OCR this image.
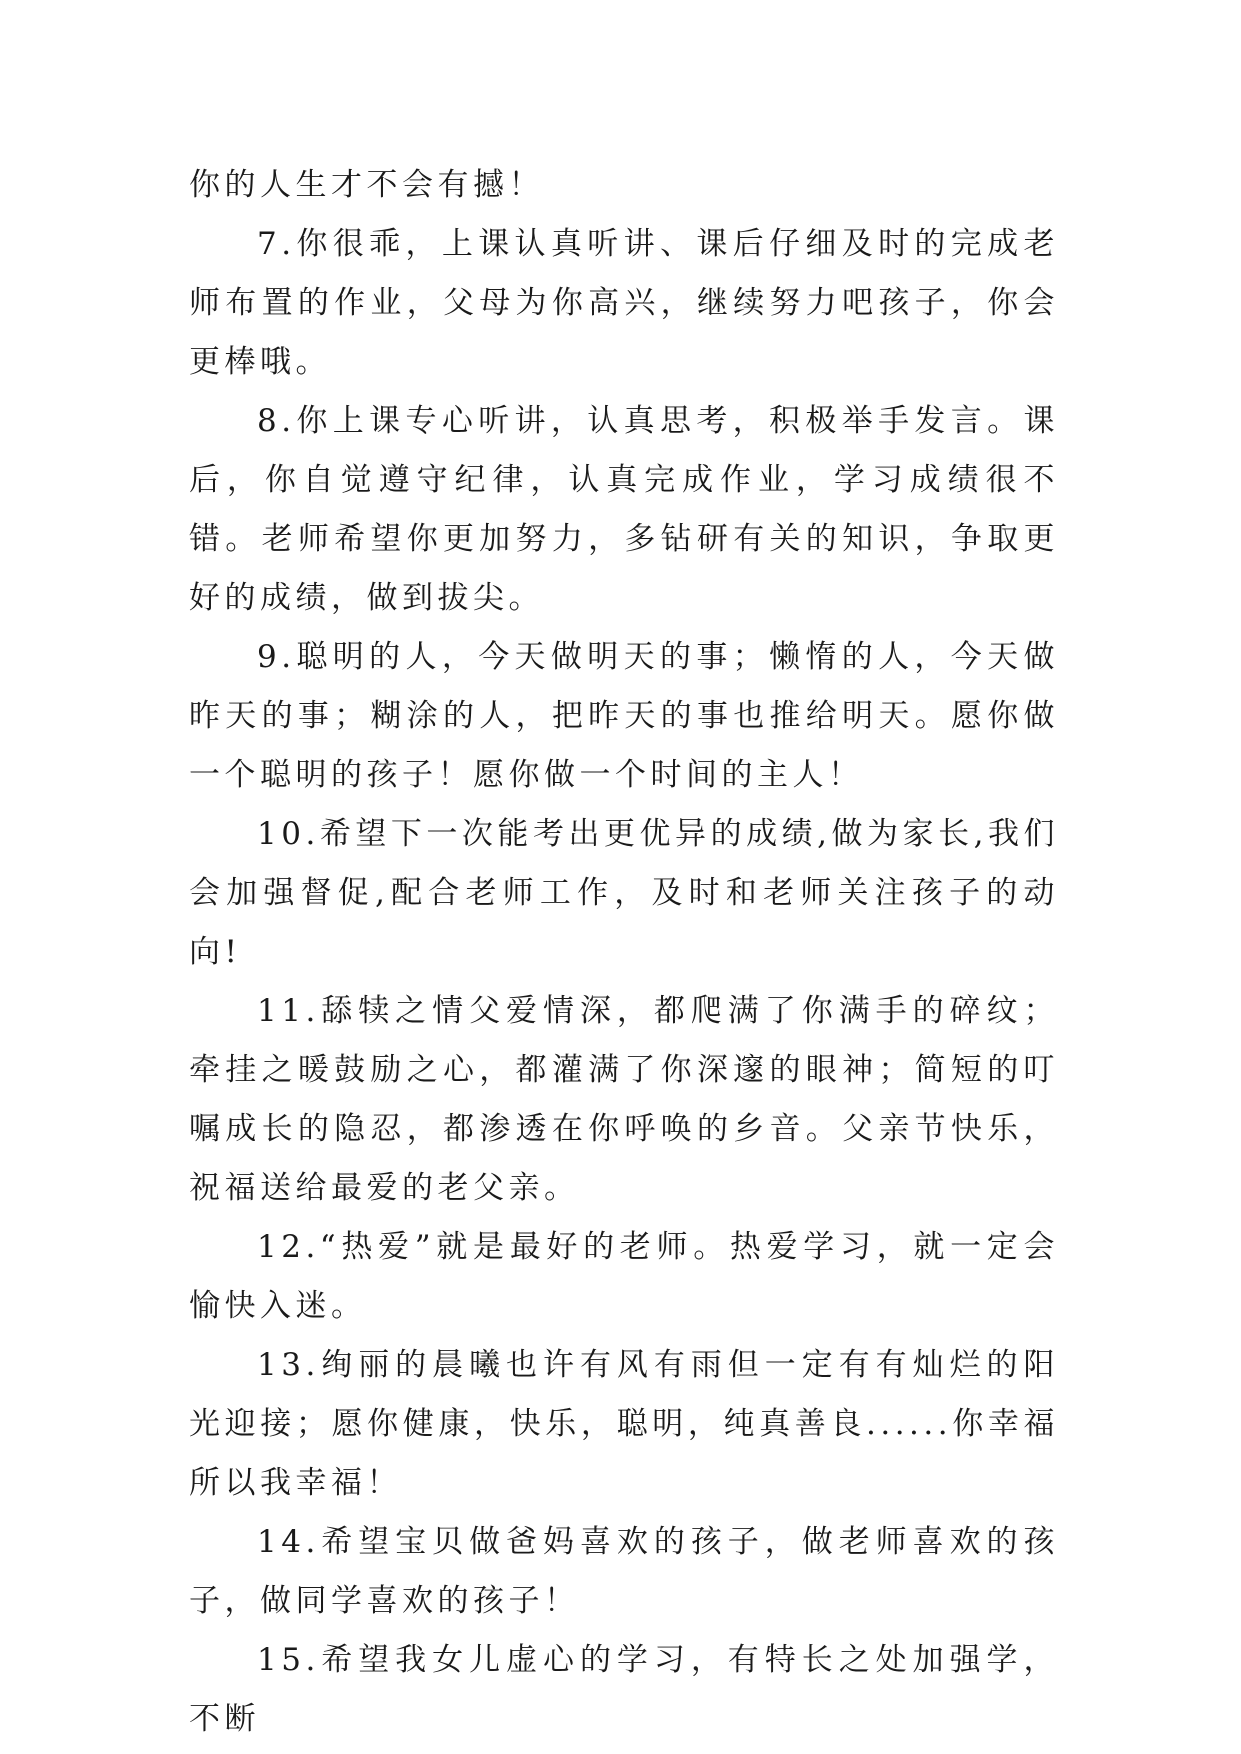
你的人生才不会有撼！

7.你很乖，上课认真听讲、课后仔细及时的完成老师布置的作业，父母为你高兴，继续努力吧孩子，你会更棒哦。

8.你上课专心听讲，认真思考，积极举手发言。课后，你自觉遵守纪律，认真完成作业，学习成绩很不错。老师希望你更加努力，多钻研有关的知识，争取更好的成绩，做到拔尖。

9.聪明的人，今天做明天的事；懒惰的人，今天做昨天的事；糊涂的人，把昨天的事也推给明天。愿你做一个聪明的孩子！愿你做一个时间的主人！

10.希望下一次能考出更优异的成绩,做为家长,我们会加强督促,配合老师工作，及时和老师关注孩子的动向!

11.舔犊之情父爱情深，都爬满了你满手的碎纹；牵挂之暖鼓励之心，都灌满了你深邃的眼神；简短的叮嘱成长的隐忍，都渗透在你呼唤的乡音。父亲节快乐，祝福送给最爱的老父亲。

12.“热爱”就是最好的老师。热爱学习，就一定会愉快入迷。

13.绚丽的晨曦也许有风有雨但一定有有灿烂的阳光迎接；愿你健康，快乐，聪明，纯真善良......你幸福所以我幸福！

14.希望宝贝做爸妈喜欢的孩子，做老师喜欢的孩子，做同学喜欢的孩子！

15.希望我女儿虚心的学习，有特长之处加强学，不断
